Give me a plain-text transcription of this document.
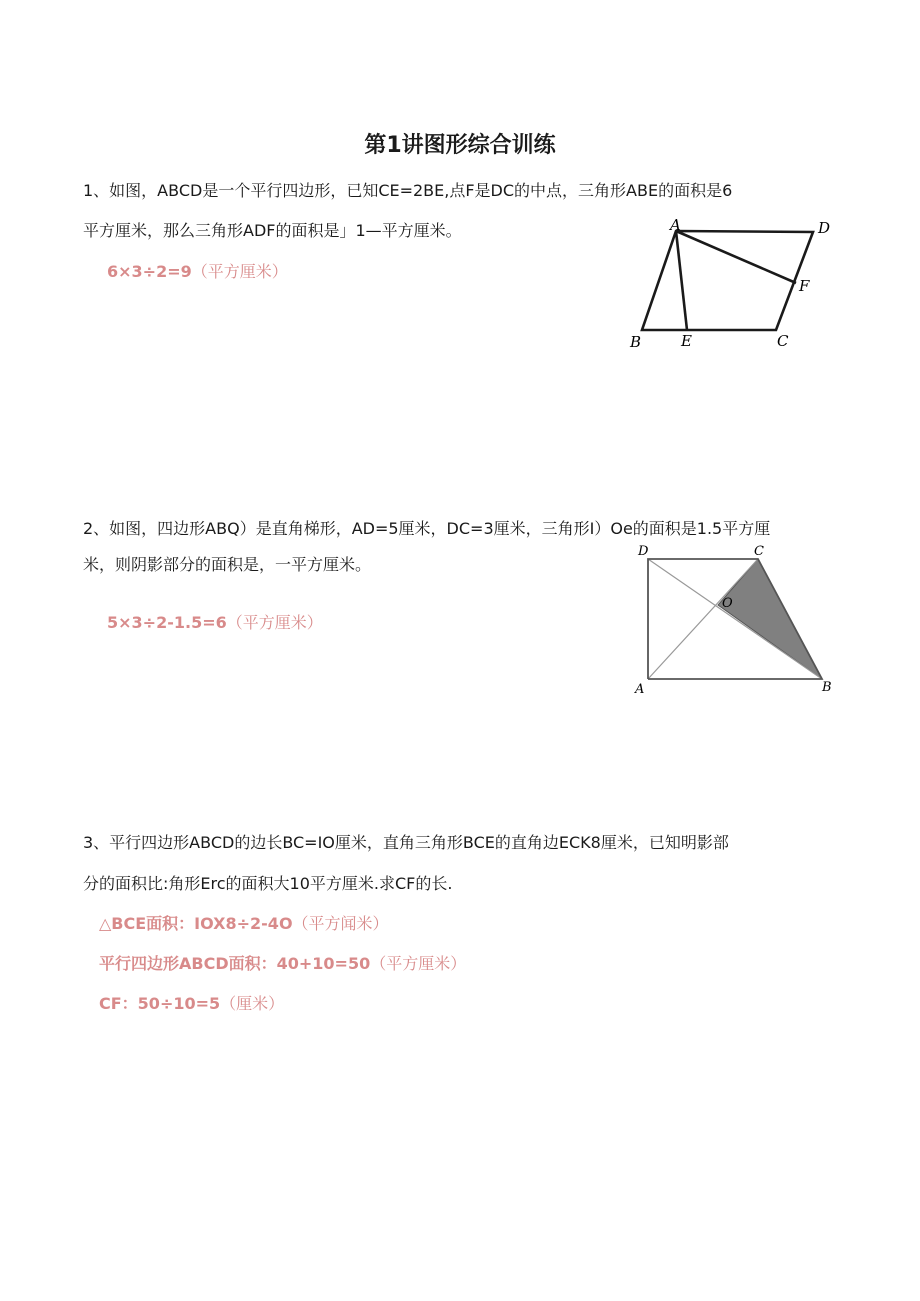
第1讲图形综合训练
1、如图，ABCD是一个平行四边形，已知CE=2BE,点F是DC的中点，三角形ABE的面积是6
平方厘米，那么三角形ADF的面积是」1—平方厘米。
6×3÷2=9（平方厘米）
A	D
F
B	E	C
2、如图，四边形ABQ）是直角梯形，AD=5厘米，DC=3厘米，三角形I）Oe的面积是1.5平方厘
米，则阴影部分的面积是，一平方厘米。
5×3÷2-1.5=6（平方厘米）
D	C
O
A	B
3、平行四边形ABCD的边长BC=IO厘米，直角三角形BCE的直角边ECK8厘米，已知明影部
分的面积比:角形Erc的面积大10平方厘米.求CF的长.
△BCE面积：IOX8÷2-4O（平方闻米）
平行四边形ABCD面积：40+10=50（平方厘米）
CF：50÷10=5（厘米）
